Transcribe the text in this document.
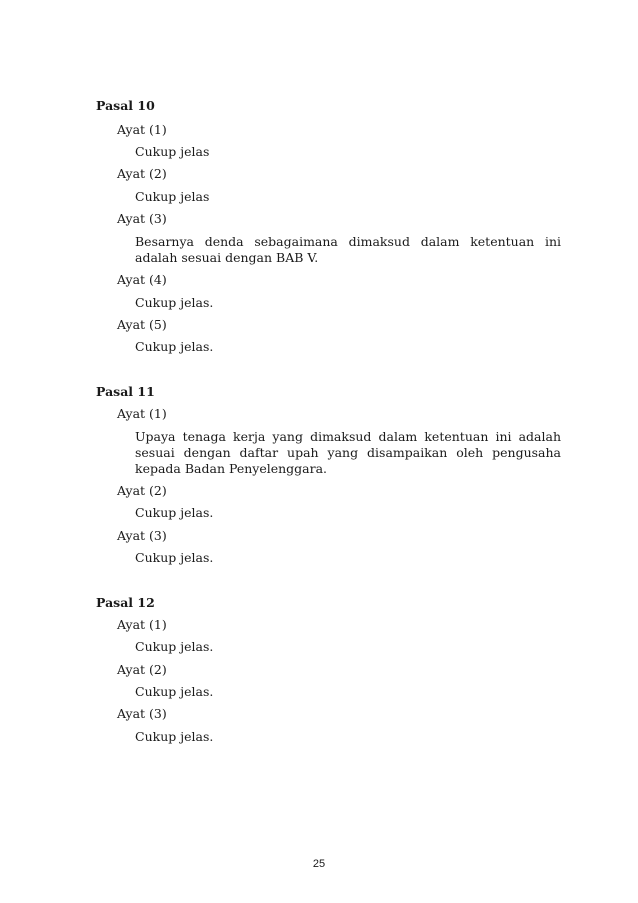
Pasal 10
Ayat (1)
Cukup jelas
Ayat (2)
Cukup jelas
Ayat (3)
Besarnya denda sebagaimana dimaksud dalam ketentuan ini adalah sesuai dengan BAB V.
Ayat (4)
Cukup jelas.
Ayat (5)
Cukup jelas.
Pasal 11
Ayat (1)
Upaya tenaga kerja yang dimaksud dalam ketentuan ini adalah sesuai dengan daftar upah yang disampaikan oleh pengusaha kepada Badan Penyelenggara.
Ayat (2)
Cukup jelas.
Ayat (3)
Cukup jelas.
Pasal 12
Ayat (1)
Cukup jelas.
Ayat (2)
Cukup jelas.
Ayat (3)
Cukup jelas.
25
